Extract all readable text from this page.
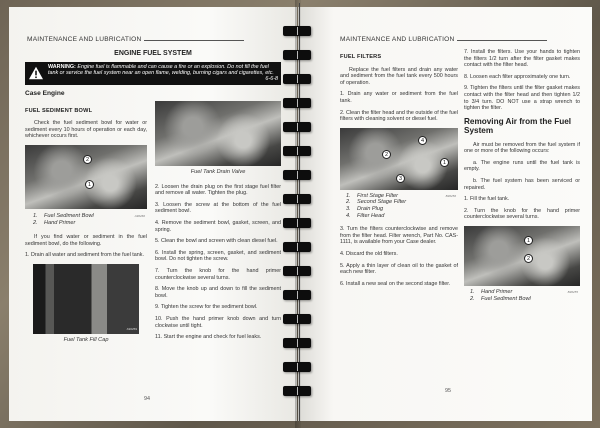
MAINTENANCE AND LUBRICATION
ENGINE FUEL SYSTEM
WARNING: Engine fuel is flammable and can cause a fire or an explosion. Do not fill the fuel tank or service the fuel system near an open flame, welding, burning cigars and cigarettes, etc.
6-6-8
Case Engine
FUEL SEDIMENT BOWL

Check the fuel sediment bowl for water or sediment every 10 hours of operation or each day, whichever occurs first.

2
1
1. Fuel Sediment Bowl
2. Hand Primer
A90260

If you find water or sediment in the fuel sediment bowl, do the following.

1. Drain all water and sediment from the fuel tank.

A90259
Fuel Tank Fill Cap
Fuel Tank Drain Valve

2. Loosen the drain plug on the first stage fuel filter and remove all water. Tighten the plug.

3. Loosen the screw at the bottom of the fuel sediment bowl.

4. Remove the sediment bowl, gasket, screen, and spring.

5. Clean the bowl and screen with clean diesel fuel.

6. Install the spring, screen, gasket, and sediment bowl. Do not tighten the screw.

7. Turn the knob for the hand primer counterclockwise several turns.

8. Move the knob up and down to fill the sediment bowl.

9. Tighten the screw for the sediment bowl.

10. Push the hand primer knob down and turn clockwise until tight.

11. Start the engine and check for fuel leaks.

94
MAINTENANCE AND LUBRICATION
FUEL FILTERS

Replace the fuel filters and drain any water and sediment from the fuel tank every 500 hours of operation.

1. Drain any water or sediment from the fuel tank.

2. Clean the filter head and the outside of the fuel filters with cleaning solvent or diesel fuel.

4
2
1
3
1. First Stage Filter
2. Second Stage Filter
3. Drain Plug
4. Filter Head
B30256

3. Turn the filters counterclockwise and remove from the filter head. Filter wrench, Part No. CAS-1111, is available from your Case dealer.

4. Discard the old filters.

5. Apply a thin layer of clean oil to the gasket of each new filter.

6. Install a new seal on the second stage filter.

7. Install the filters. Use your hands to tighten the filters 1/2 turn after the filter gasket makes contact with the filter head.

8. Loosen each filter approximately one turn.

9. Tighten the filters until the filter gasket makes contact with the filter head and then tighten 1/2 to 3/4 turn. DO NOT use a strap wrench to tighten the filter.

Removing Air from the Fuel System

Air must be removed from the fuel system if one or more of the following occurs:

a. The engine runs until the fuel tank is empty.

b. The fuel system has been serviced or repaired.

1. Fill the fuel tank.

2. Turn the knob for the hand primer counterclockwise several turns.

1
2
1. Hand Primer
2. Fuel Sediment Bowl
B30255
95
